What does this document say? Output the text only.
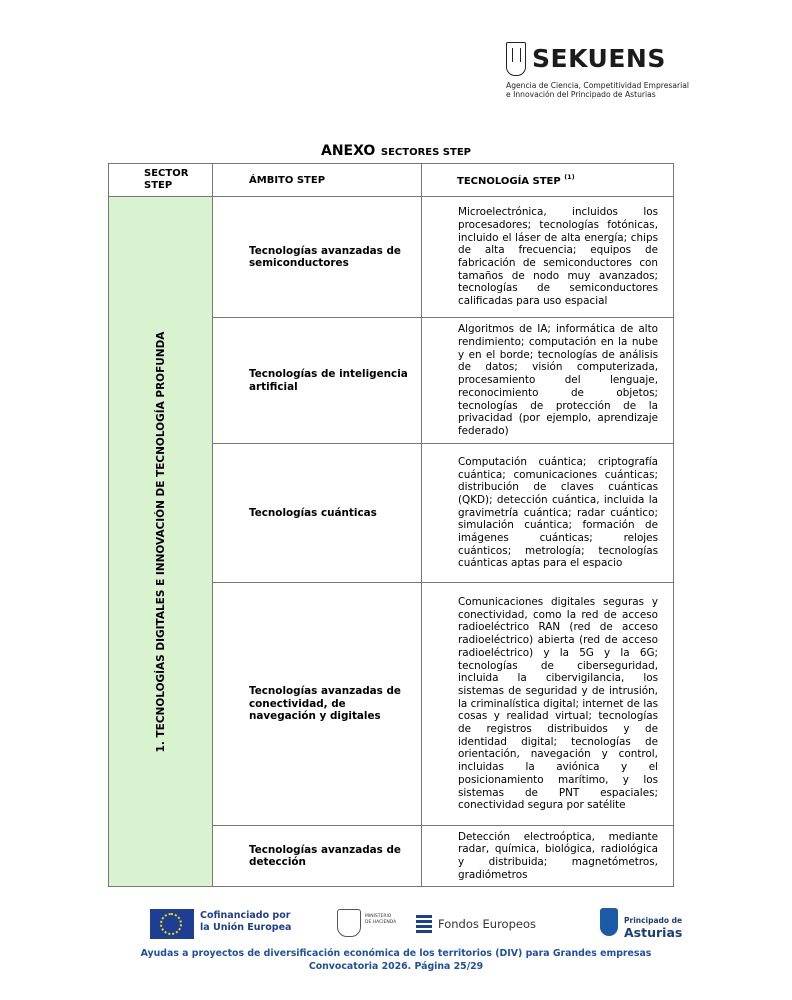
SEKUENS
Agencia de Ciencia, Competitividad Empresarial
e Innovación del Principado de Asturias
ANEXO SECTORES STEP
SECTOR STEP	ÁMBITO STEP	TECNOLOGÍA STEP $^{(1)}$

1. TECNOLOGÍAS DIGITALES E INNOVACIÓN DE TECNOLOGÍA PROFUNDA	Tecnologías avanzadas de semiconductores	Microelectrónica, incluidos los procesadores; tecnologías fotónicas, incluido el láser de alta energía; chips de alta frecuencia; equipos de fabricación de semiconductores con tamaños de nodo muy avanzados; tecnologías de semiconductores calificadas para uso espacial
	Tecnologías de inteligencia artificial	Algoritmos de IA; informática de alto rendimiento; computación en la nube y en el borde; tecnologías de análisis de datos; visión computerizada, procesamiento del lenguaje, reconocimiento de objetos; tecnologías de protección de la privacidad (por ejemplo, aprendizaje federado)
	Tecnologías cuánticas	Computación cuántica; criptografía cuántica; comunicaciones cuánticas; distribución de claves cuánticas (QKD); detección cuántica, incluida la gravimetría cuántica; radar cuántico; simulación cuántica; formación de imágenes cuánticas; relojes cuánticos; metrología; tecnologías cuánticas aptas para el espacio
	Tecnologías avanzadas de conectividad, de navegación y digitales	Comunicaciones digitales seguras y conectividad, como la red de acceso radioeléctrico RAN (red de acceso radioeléctrico) abierta (red de acceso radioeléctrico) y la 5G y la 6G; tecnologías de ciberseguridad, incluida la cibervigilancia, los sistemas de seguridad y de intrusión, la criminalística digital; internet de las cosas y realidad virtual; tecnologías de registros distribuidos y de identidad digital; tecnologías de orientación, navegación y control, incluidas la aviónica y el posicionamiento marítimo, y los sistemas de PNT espaciales; conectividad segura por satélite
	Tecnologías avanzadas de detección	Detección electroóptica, mediante radar, química, biológica, radiológica y distribuida; magnetómetros, gradiómetros
Cofinanciado por
la Unión Europea
MINISTERIO
DE HACIENDA	Fondos Europeos	Principado de
Asturias
Ayudas a proyectos de diversificación económica de los territorios (DIV) para Grandes empresas
Convocatoria 2026. Página 25/29
